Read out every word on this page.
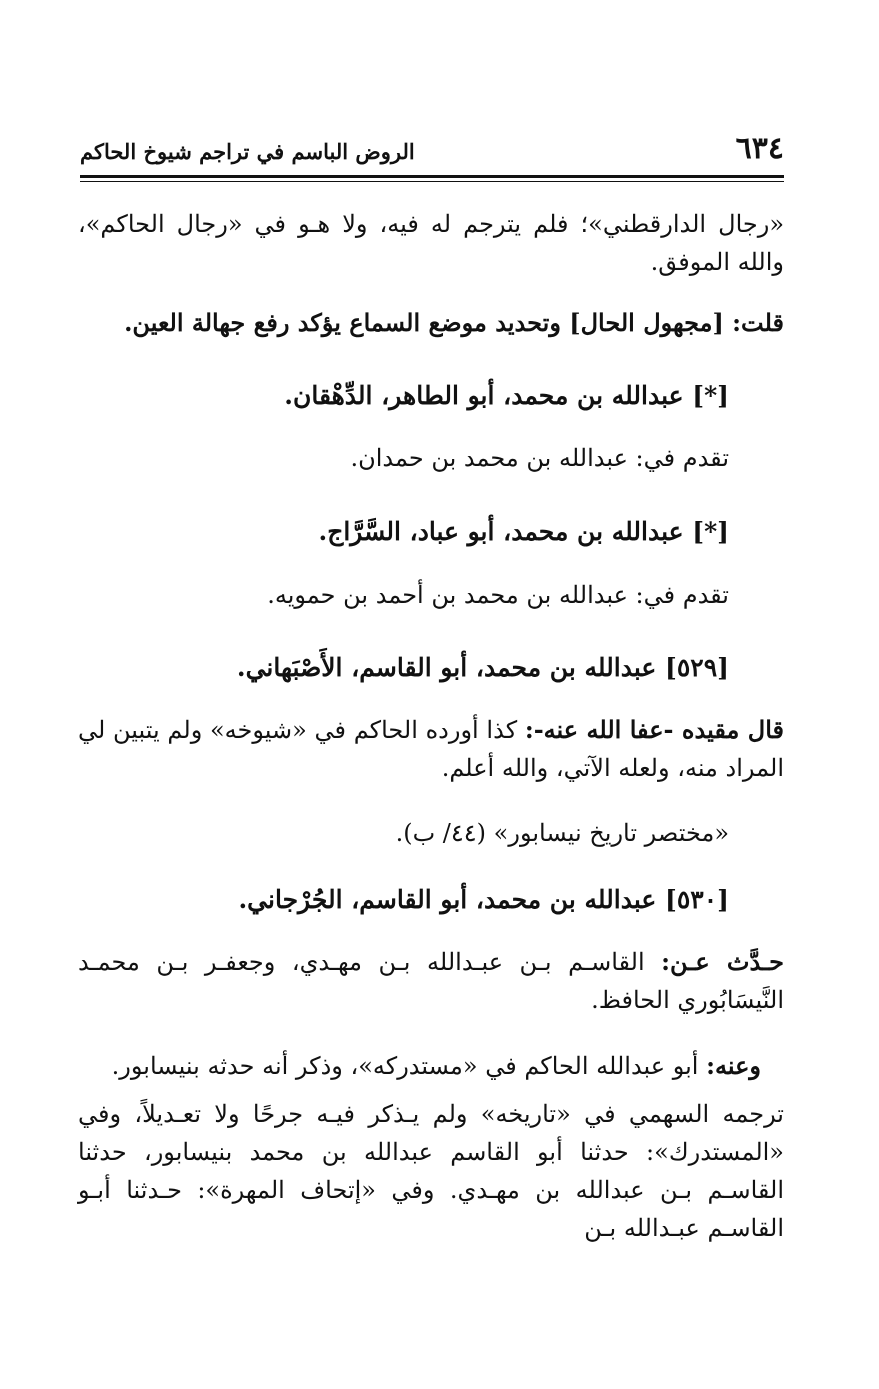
٦٣٤
الروض الباسم في تراجم شيوخ الحاكم
«رجال الدارقطني»؛ فلم يترجم له فيه، ولا هـو في «رجال الحاكم»، والله الموفق.
قلت: [مجهول الحال] وتحديد موضع السماع يؤكد رفع جهالة العين.
[*] عبدالله بن محمد، أبو الطاهر، الدِّهْقان.
تقدم في: عبدالله بن محمد بن حمدان.
[*] عبدالله بن محمد، أبو عباد، السَّرَّاج.
تقدم في: عبدالله بن محمد بن أحمد بن حمويه.
[٥٢٩] عبدالله بن محمد، أبو القاسم، الأَصْبَهاني.
قال مقيده -عفا الله عنه-: كذا أورده الحاكم في «شيوخه» ولم يتبين لي المراد منه، ولعله الآتي، والله أعلم.
«مختصر تاريخ نيسابور» (٤٤/ ب).
[٥٣٠] عبدالله بن محمد، أبو القاسم، الجُرْجاني.
حـدَّث عـن: القاسـم بـن عبـدالله بـن مهـدي، وجعفـر بـن محمـد النَّيسَابُوري الحافظ.
وعنه: أبو عبدالله الحاكم في «مستدركه»، وذكر أنه حدثه بنيسابور.
ترجمه السهمي في «تاريخه» ولم يـذكر فيـه جرحًا ولا تعـديلاً، وفي «المستدرك»: حدثنا أبو القاسم عبدالله بن محمد بنيسابور، حدثنا القاسـم بـن عبدالله بن مهـدي. وفي «إتحاف المهرة»: حـدثنا أبـو القاسـم عبـدالله بـن
